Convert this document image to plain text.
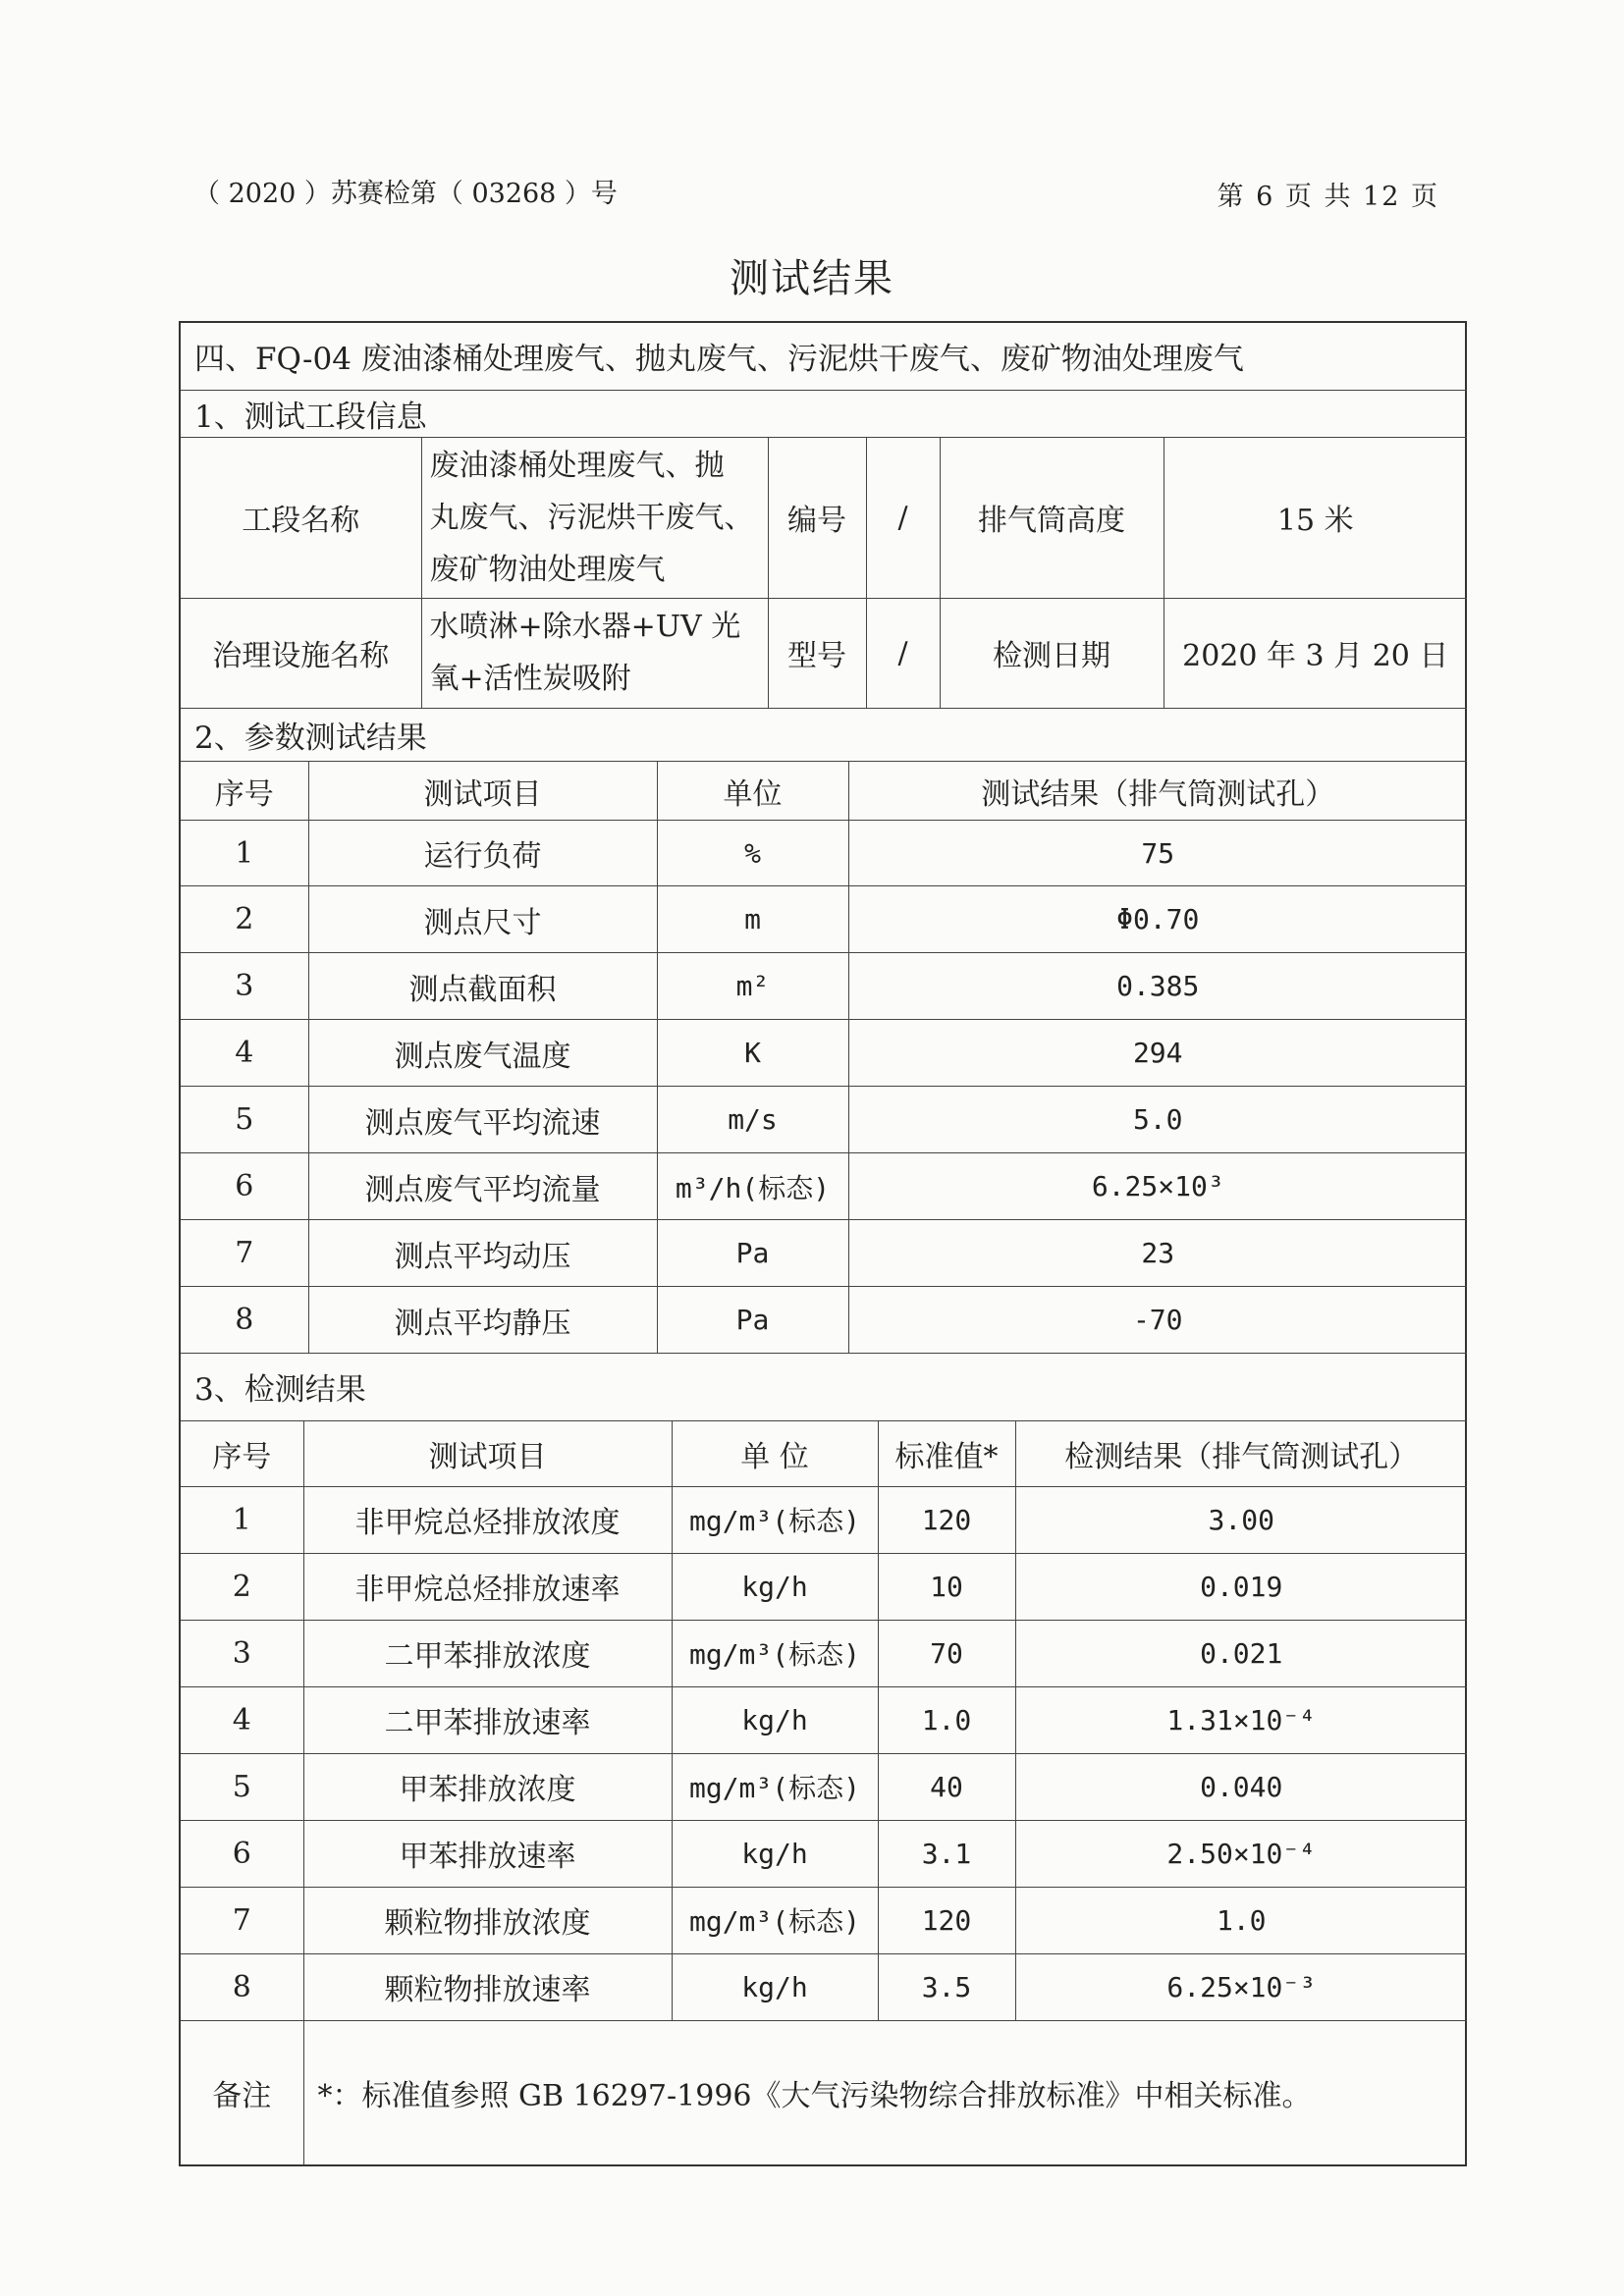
（ 2020 ）苏赛检第（ 03268 ）号	第 6 页 共 12 页
测试结果
四、FQ-04 废油漆桶处理废气、抛丸废气、污泥烘干废气、废矿物油处理废气					
1、测试工段信息					
工段名称	废油漆桶处理废气、抛
丸废气、污泥烘干废气、
废矿物油处理废气	编号	/	排气筒高度	15 米
治理设施名称	水喷淋+除水器+UV 光
氧+活性炭吸附	型号	/	检测日期	2020 年 3 月 20 日
2、参数测试结果					
序号	测试项目	单位	测试结果（排气筒测试孔）
1	运行负荷	%	75
2	测点尺寸	m	Φ0.70
3	测点截面积	m²	0.385
4	测点废气温度	K	294
5	测点废气平均流速	m/s	5.0
6	测点废气平均流量	m³/h(标态)	6.25×10³
7	测点平均动压	Pa	23
8	测点平均静压	Pa	-70
3、检测结果			
序号	测试项目	单 位	标准值*	检测结果（排气筒测试孔）
1	非甲烷总烃排放浓度	mg/m³(标态)	120	3.00
2	非甲烷总烃排放速率	kg/h	10	0.019
3	二甲苯排放浓度	mg/m³(标态)	70	0.021
4	二甲苯排放速率	kg/h	1.0	1.31×10⁻⁴
5	甲苯排放浓度	mg/m³(标态)	40	0.040
6	甲苯排放速率	kg/h	3.1	2.50×10⁻⁴
7	颗粒物排放浓度	mg/m³(标态)	120	1.0
8	颗粒物排放速率	kg/h	3.5	6.25×10⁻³
备注	*：标准值参照 GB 16297-1996《大气污染物综合排放标准》中相关标准。
